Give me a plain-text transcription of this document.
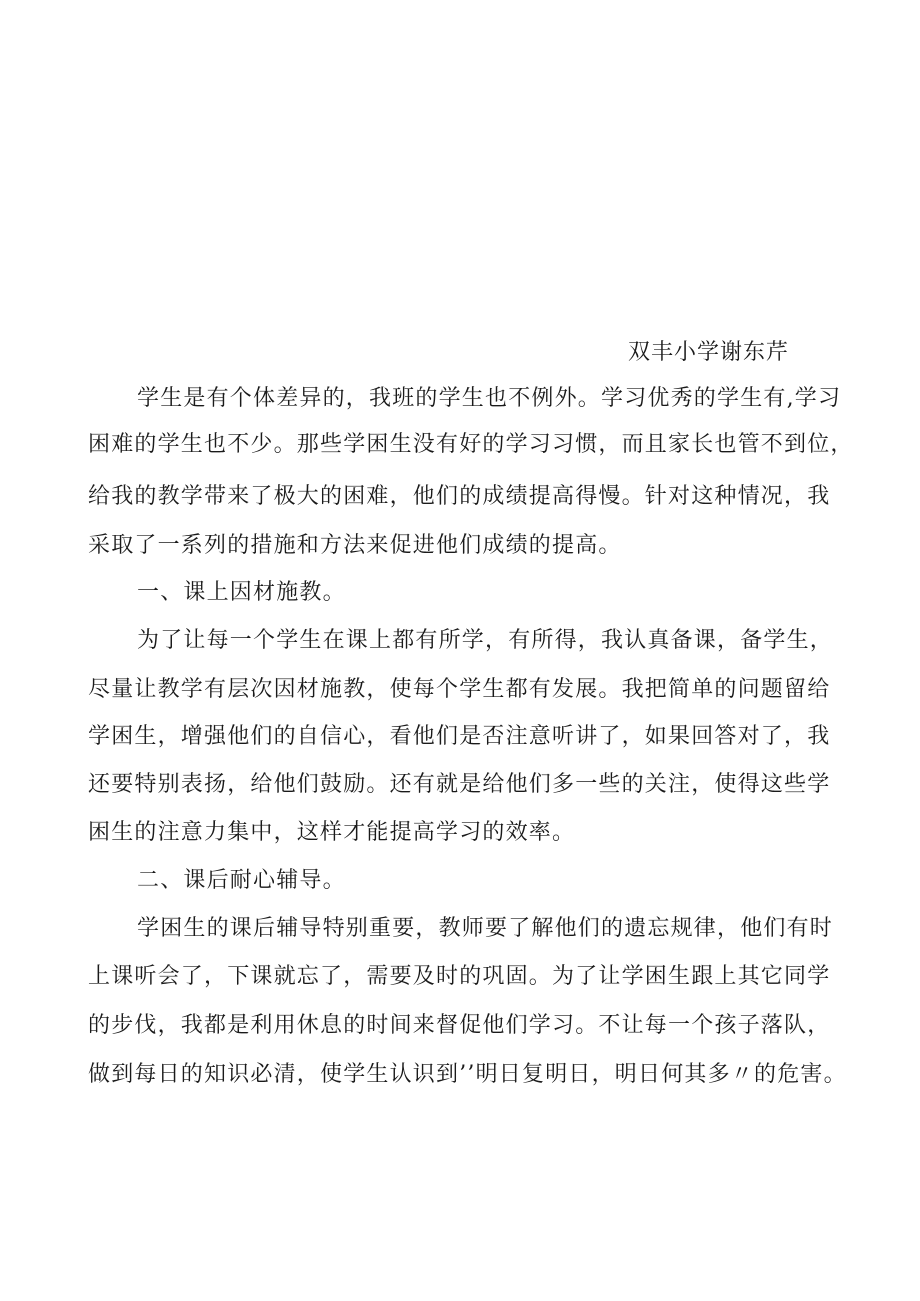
双丰小学谢东芹
学生是有个体差异的，我班的学生也不例外。学习优秀的学生有,学习
困难的学生也不少。那些学困生没有好的学习习惯，而且家长也管不到位，
给我的教学带来了极大的困难，他们的成绩提高得慢。针对这种情况，我
采取了一系列的措施和方法来促进他们成绩的提高。
一、课上因材施教。
为了让每一个学生在课上都有所学，有所得，我认真备课，备学生，
尽量让教学有层次因材施教，使每个学生都有发展。我把简单的问题留给
学困生，增强他们的自信心，看他们是否注意听讲了，如果回答对了，我
还要特别表扬，给他们鼓励。还有就是给他们多一些的关注，使得这些学
困生的注意力集中，这样才能提高学习的效率。
二、课后耐心辅导。
学困生的课后辅导特别重要，教师要了解他们的遗忘规律，他们有时
上课听会了，下课就忘了，需要及时的巩固。为了让学困生跟上其它同学
的步伐，我都是利用休息的时间来督促他们学习。不让每一个孩子落队，
做到每日的知识必清，使学生认识到’’明日复明日，明日何其多〃的危害。
